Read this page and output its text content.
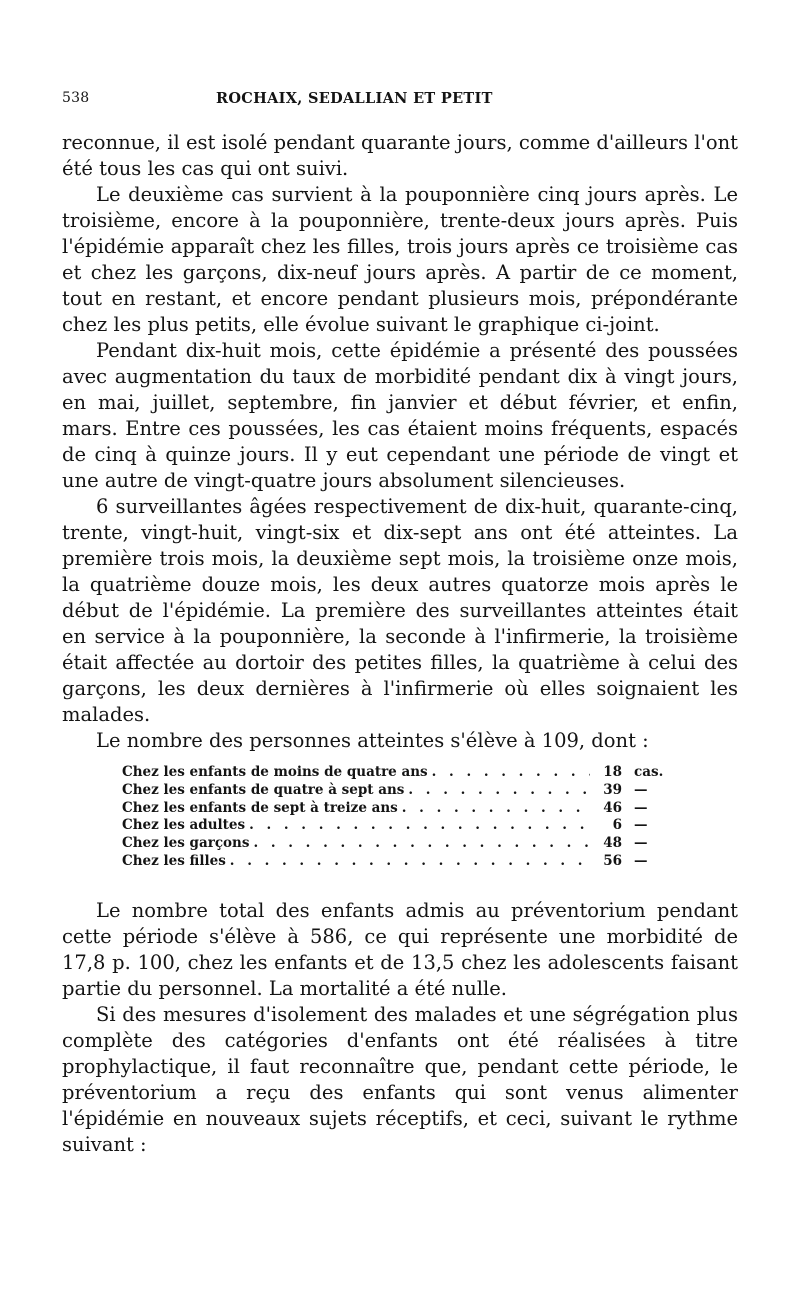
538	ROCHAIX, SEDALLIAN ET PETIT

reconnue, il est isolé pendant quarante jours, comme d'ailleurs l'ont été tous les cas qui ont suivi.

Le deuxième cas survient à la pouponnière cinq jours après. Le troisième, encore à la pouponnière, trente-deux jours après. Puis l'épidémie apparaît chez les filles, trois jours après ce troisième cas et chez les garçons, dix-neuf jours après. A partir de ce moment, tout en restant, et encore pendant plusieurs mois, prépondérante chez les plus petits, elle évolue suivant le graphique ci-joint.

Pendant dix-huit mois, cette épidémie a présenté des poussées avec augmentation du taux de morbidité pendant dix à vingt jours, en mai, juillet, septembre, fin janvier et début février, et enfin, mars. Entre ces poussées, les cas étaient moins fréquents, espacés de cinq à quinze jours. Il y eut cependant une période de vingt et une autre de vingt-quatre jours absolument silencieuses.

6 surveillantes âgées respectivement de dix-huit, quarante-cinq, trente, vingt-huit, vingt-six et dix-sept ans ont été atteintes. La première trois mois, la deuxième sept mois, la troisième onze mois, la quatrième douze mois, les deux autres quatorze mois après le début de l'épidémie. La première des surveillantes atteintes était en service à la pouponnière, la seconde à l'infirmerie, la troisième était affectée au dortoir des petites filles, la quatrième à celui des garçons, les deux dernières à l'infirmerie où elles soignaient les malades.

Le nombre des personnes atteintes s'élève à 109, dont :

Chez les enfants de moins de quatre ans . . .	18 cas.
Chez les enfants de quatre à sept ans . . .	39 —
Chez les enfants de sept à treize ans . . .	46 —
Chez les adultes . . .	6 —
Chez les garçons . . .	48 —
Chez les filles . . .	56 —

Le nombre total des enfants admis au préventorium pendant cette période s'élève à 586, ce qui représente une morbidité de 17,8 p. 100, chez les enfants et de 13,5 chez les adolescents faisant partie du personnel. La mortalité a été nulle.

Si des mesures d'isolement des malades et une ségrégation plus complète des catégories d'enfants ont été réalisées à titre prophylactique, il faut reconnaître que, pendant cette période, le préventorium a reçu des enfants qui sont venus alimenter l'épidémie en nouveaux sujets réceptifs, et ceci, suivant le rythme suivant :
